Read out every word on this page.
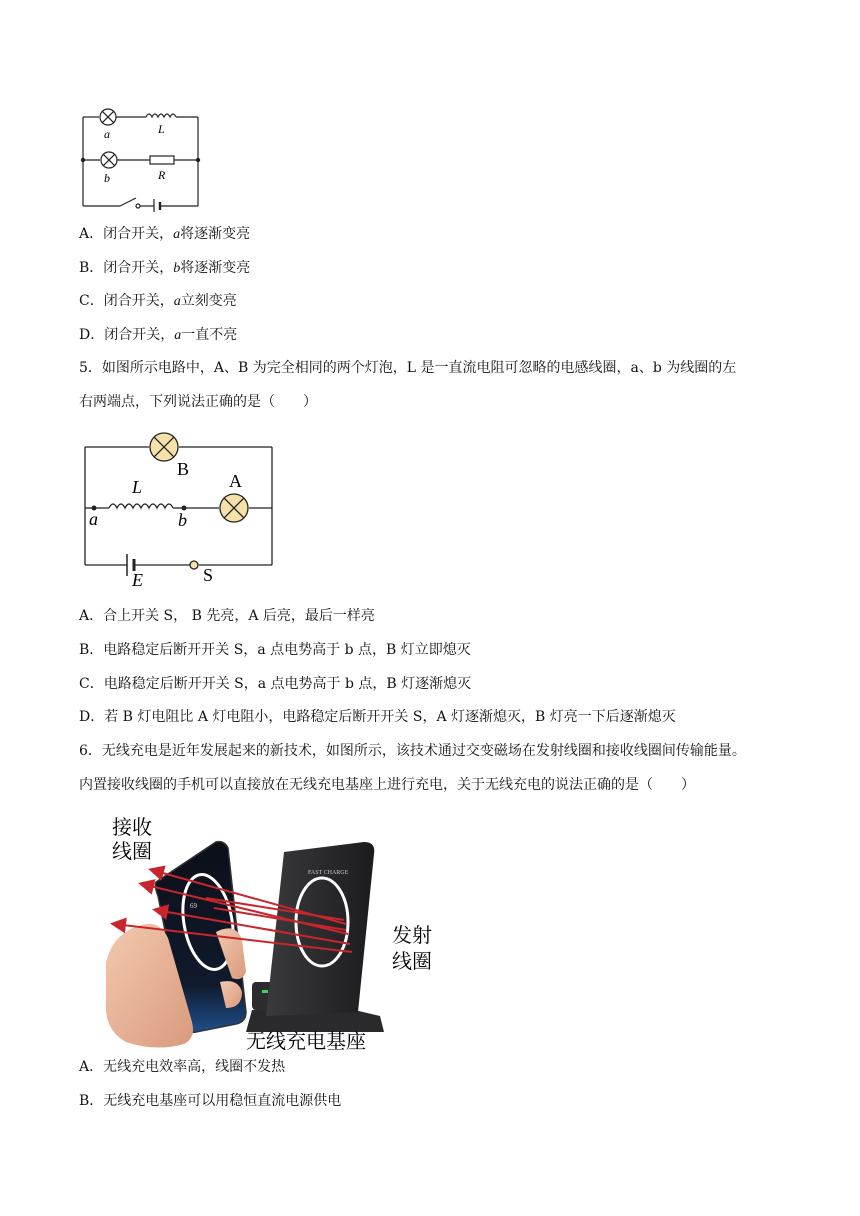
a	L
b	R
A．闭合开关，a将逐渐变亮
B．闭合开关，b将逐渐变亮
C．闭合开关，a立刻变亮
D．闭合开关，a一直不亮
5．如图所示电路中，A、B 为完全相同的两个灯泡，L 是一直流电阻可忽略的电感线圈，a、b 为线圈的左
右两端点，下列说法正确的是（　　）
B
A
L
a	b
E	S
A．合上开关 S， B 先亮，A 后亮，最后一样亮
B．电路稳定后断开开关 S，a 点电势高于 b 点，B 灯立即熄灭
C．电路稳定后断开开关 S，a 点电势高于 b 点，B 灯逐渐熄灭
D．若 B 灯电阻比 A 灯电阻小，电路稳定后断开开关 S，A 灯逐渐熄灭，B 灯亮一下后逐渐熄灭
6．无线充电是近年发展起来的新技术，如图所示，该技术通过交变磁场在发射线圈和接收线圈间传输能量。
内置接收线圈的手机可以直接放在无线充电基座上进行充电，关于无线充电的说法正确的是（　　）
FAST CHARGE
69
接收
线圈
发射
线圈
无线充电基座
A．无线充电效率高，线圈不发热
B．无线充电基座可以用稳恒直流电源供电
